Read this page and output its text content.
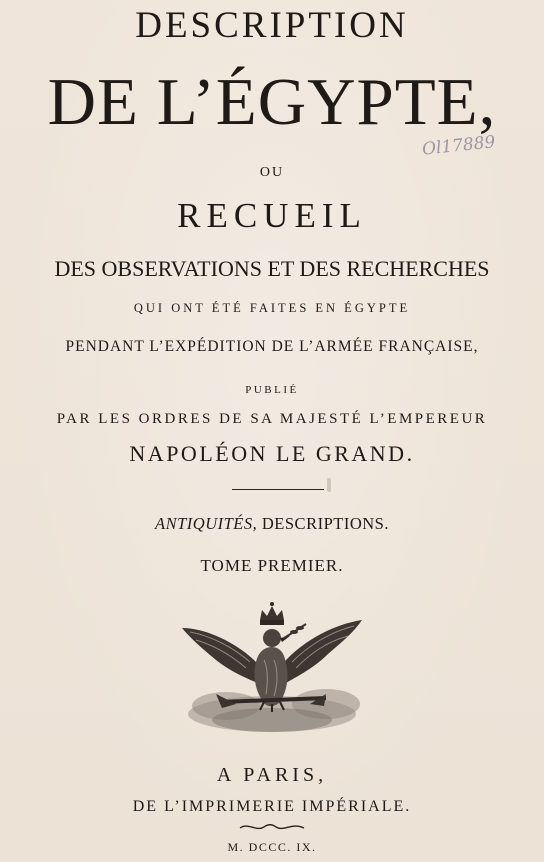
DESCRIPTION
DE L’ÉGYPTE,
Ol17889
OU
RECUEIL
DES OBSERVATIONS ET DES RECHERCHES
QUI ONT ÉTÉ FAITES EN ÉGYPTE
PENDANT L’EXPÉDITION DE L’ARMÉE FRANÇAISE,
PUBLIÉ
PAR LES ORDRES DE SA MAJESTÉ L’EMPEREUR
NAPOLÉON LE GRAND.
ANTIQUITÉS, DESCRIPTIONS.
TOME PREMIER.
A PARIS,
DE L’IMPRIMERIE IMPÉRIALE.
M. DCCC. IX.
